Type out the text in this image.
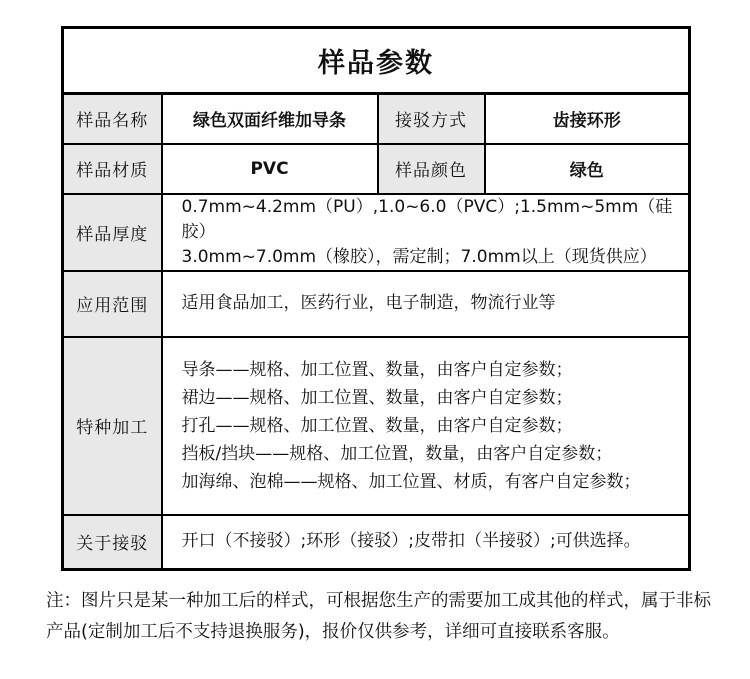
样品参数			
样品名称	绿色双面纤维加导条	接驳方式	齿接环形
样品材质	PVC	样品颜色	绿色
样品厚度	0.7mm~4.2mm（PU）,1.0~6.0（PVC）;1.5mm~5mm（硅胶）
3.0mm~7.0mm（橡胶），需定制；7.0mm以上（现货供应）		

应用范围	适用食品加工，医药行业，电子制造，物流行业等		

特种加工	导条——规格、加工位置、数量，由客户自定参数；
裙边——规格、加工位置、数量，由客户自定参数；
打孔——规格、加工位置、数量，由客户自定参数；
挡板/挡块——规格、加工位置，数量，由客户自定参数；
加海绵、泡棉——规格、加工位置、材质，有客户自定参数；		

关于接驳	开口（不接驳）;环形（接驳）;皮带扣（半接驳）;可供选择。		
注：图片只是某一种加工后的样式，可根据您生产的需要加工成其他的样式，属于非标
产品(定制加工后不支持退换服务)，报价仅供参考，详细可直接联系客服。
